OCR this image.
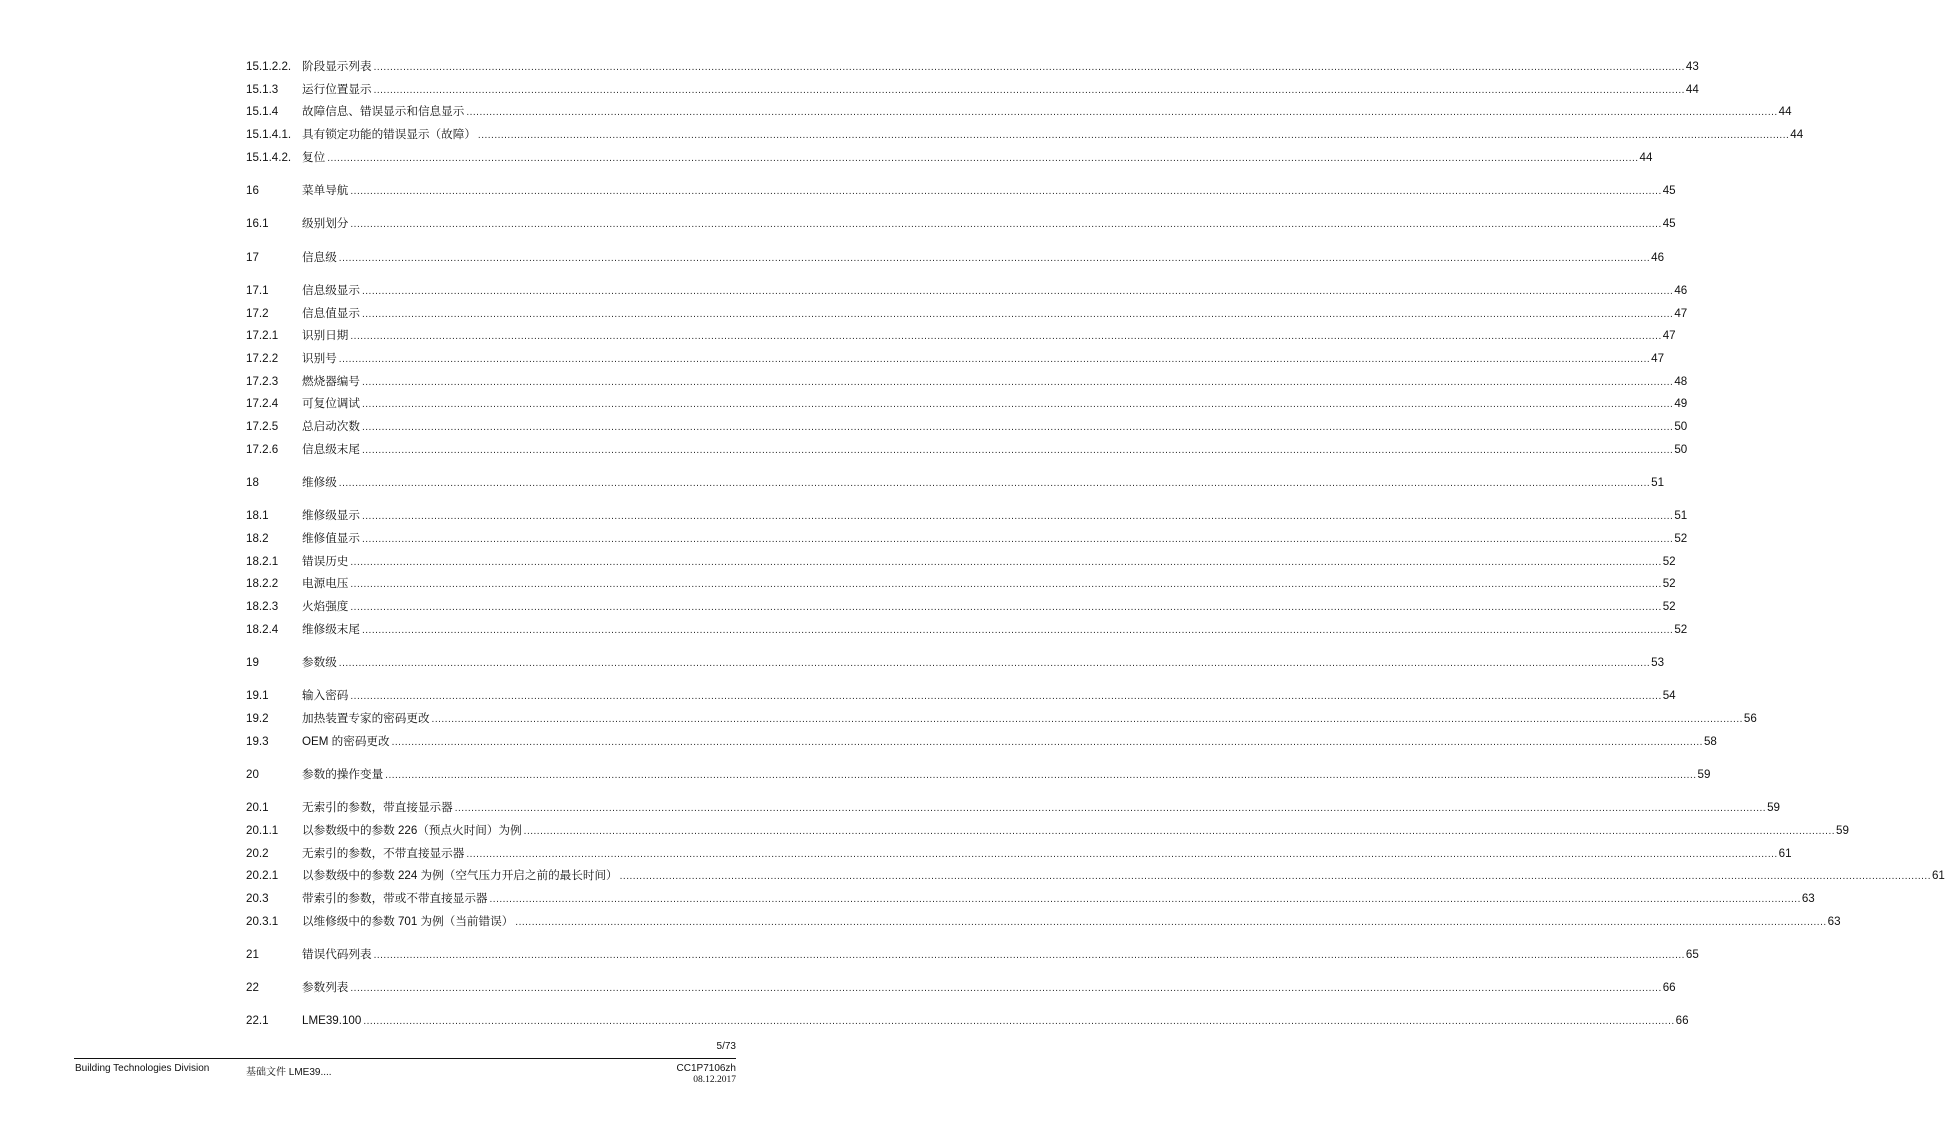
15.1.2.2. 阶段显示列表 ................................................................................................................................................................................................................................................................................................................................................................................................................ 43
15.1.3	运行位置显示 ................................................................................................................................................................................................................................................................................................................................................................................................................ 44
15.1.4	故障信息、错误显示和信息显示 ................................................................................................................................................................................................................................................................................................................................................................................................................ 44
15.1.4.1. 具有锁定功能的错误显示（故障） ................................................................................................................................................................................................................................................................................................................................................................................................................ 44
15.1.4.2. 复位 ................................................................................................................................................................................................................................................................................................................................................................................................................ 44
16	菜单导航 ................................................................................................................................................................................................................................................................................................................................................................................................................ 45
16.1	级别划分 ................................................................................................................................................................................................................................................................................................................................................................................................................ 45
17	信息级 ................................................................................................................................................................................................................................................................................................................................................................................................................ 46
17.1	信息级显示 ................................................................................................................................................................................................................................................................................................................................................................................................................ 46
17.2	信息值显示 ................................................................................................................................................................................................................................................................................................................................................................................................................ 47
17.2.1	识别日期 ................................................................................................................................................................................................................................................................................................................................................................................................................ 47
17.2.2	识别号 ................................................................................................................................................................................................................................................................................................................................................................................................................ 47
17.2.3	燃烧器编号 ................................................................................................................................................................................................................................................................................................................................................................................................................ 48
17.2.4	可复位调试 ................................................................................................................................................................................................................................................................................................................................................................................................................ 49
17.2.5	总启动次数 ................................................................................................................................................................................................................................................................................................................................................................................................................ 50
17.2.6	信息级末尾 ................................................................................................................................................................................................................................................................................................................................................................................................................ 50
18	维修级 ................................................................................................................................................................................................................................................................................................................................................................................................................ 51
18.1	维修级显示 ................................................................................................................................................................................................................................................................................................................................................................................................................ 51
18.2	维修值显示 ................................................................................................................................................................................................................................................................................................................................................................................................................ 52
18.2.1	错误历史 ................................................................................................................................................................................................................................................................................................................................................................................................................ 52
18.2.2	电源电压 ................................................................................................................................................................................................................................................................................................................................................................................................................ 52
18.2.3	火焰强度 ................................................................................................................................................................................................................................................................................................................................................................................................................ 52
18.2.4	维修级末尾 ................................................................................................................................................................................................................................................................................................................................................................................................................ 52
19	参数级 ................................................................................................................................................................................................................................................................................................................................................................................................................ 53
19.1	输入密码 ................................................................................................................................................................................................................................................................................................................................................................................................................ 54
19.2	加热装置专家的密码更改 ................................................................................................................................................................................................................................................................................................................................................................................................................ 56
19.3	OEM 的密码更改 ................................................................................................................................................................................................................................................................................................................................................................................................................ 58
20	参数的操作变量 ................................................................................................................................................................................................................................................................................................................................................................................................................ 59
20.1	无索引的参数，带直接显示器 ................................................................................................................................................................................................................................................................................................................................................................................................................ 59
20.1.1	以参数级中的参数 226（预点火时间）为例 ................................................................................................................................................................................................................................................................................................................................................................................................................ 59
20.2	无索引的参数，不带直接显示器 ................................................................................................................................................................................................................................................................................................................................................................................................................ 61
20.2.1	以参数级中的参数 224 为例（空气压力开启之前的最长时间） ................................................................................................................................................................................................................................................................................................................................................................................................................ 61
20.3	带索引的参数，带或不带直接显示器 ................................................................................................................................................................................................................................................................................................................................................................................................................ 63
20.3.1	以维修级中的参数 701 为例（当前错误） ................................................................................................................................................................................................................................................................................................................................................................................................................ 63
21	错误代码列表 ................................................................................................................................................................................................................................................................................................................................................................................................................ 65
22	参数列表 ................................................................................................................................................................................................................................................................................................................................................................................................................ 66
22.1	LME39.100 ................................................................................................................................................................................................................................................................................................................................................................................................................ 66
5/73
Building Technologies Division	基础文件 LME39....	CC1P7106zh
08.12.2017
